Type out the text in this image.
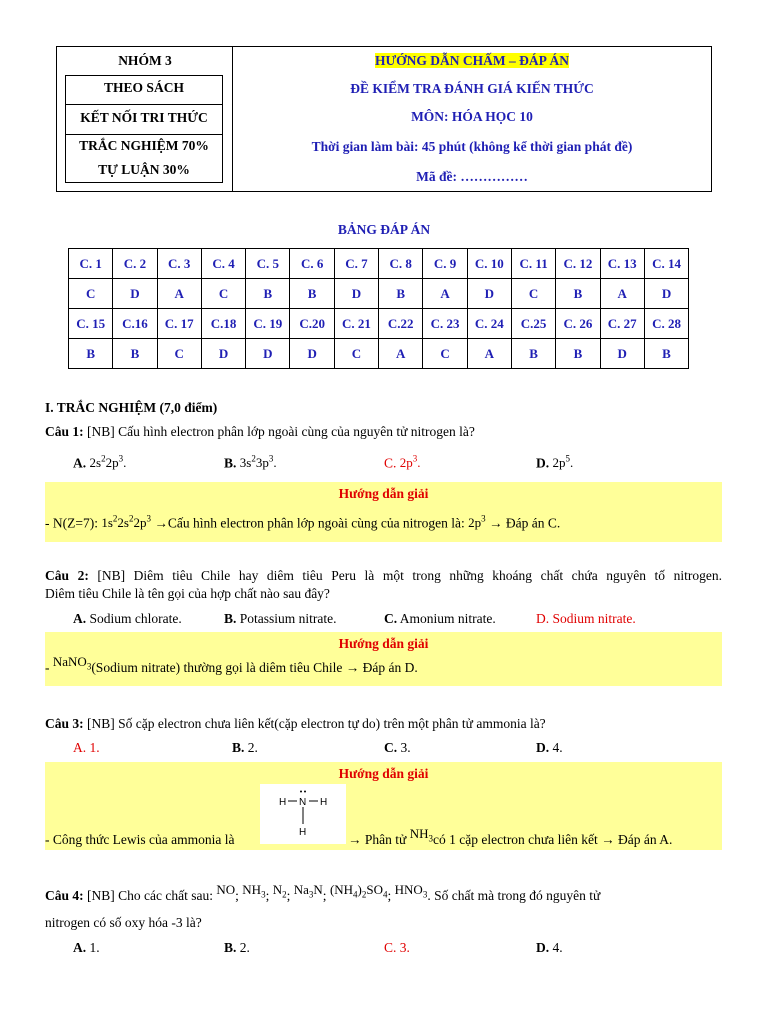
NHÓM 3
THEO SÁCH
KẾT NỐI TRI THỨC
TRẮC NGHIỆM 70%
TỰ LUẬN 30%
HƯỚNG DẪN CHẤM – ĐÁP ÁN
ĐỀ KIỂM TRA ĐÁNH GIÁ KIẾN THỨC
MÔN: HÓA HỌC 10
Thời gian làm bài: 45 phút (không kể thời gian phát đề)
Mã đề: ……………
BẢNG ĐÁP ÁN
C. 1	C. 2	C. 3	C. 4	C. 5	C. 6	C. 7	C. 8	C. 9	C. 10	C. 11	C. 12	C. 13	C. 14
C	D	A	C	B	B	D	B	A	D	C	B	A	D
C. 15	C.16	C. 17	C.18	C. 19	C.20	C. 21	C.22	C. 23	C. 24	C.25	C. 26	C. 27	C. 28
B	B	C	D	D	D	C	A	C	A	B	B	D	B
I. TRẮC NGHIỆM (7,0 điểm)
Câu 1: [NB] Cấu hình electron phân lớp ngoài cùng của nguyên tử nitrogen là?
A. $2s^22p^3$.	B. $3s^23p^3$.	C. $2p^3$.	D. $2p^5$.
Hướng dẫn giải
- N(Z=7): $1s^22s^22p^3$ →Cấu hình electron phân lớp ngoài cùng của nitrogen là: $2p^3$ → Đáp án C.
Câu 2: [NB] Diêm tiêu Chile hay diêm tiêu Peru là một trong những khoáng chất chứa nguyên tố nitrogen.
Diêm tiêu Chile là tên gọi của hợp chất nào sau đây?
A. Sodium chlorate.	B. Potassium nitrate.	C. Amonium nitrate.	D. Sodium nitrate.
Hướng dẫn giải
- NaNO$_3$(Sodium nitrate) thường gọi là diêm tiêu Chile → Đáp án D.
Câu 3: [NB] Số cặp electron chưa liên kết(cặp electron tự do) trên một phân tử ammonia là?
A. 1.	B. 2.	C. 3.	D. 4.
Hướng dẫn giải
H N H
H
- Công thức Lewis của ammonia là	→ Phân tử $NH_3có$ 1 cặp electron chưa liên kết → Đáp án A.
Câu 4: [NB] Cho các chất sau: NO; $NH_3$; $N_2$; $Na_3N$; $(NH_4)_2SO_4$; $HNO_3$. Số chất mà trong đó nguyên tử
nitrogen có số oxy hóa -3 là?
A. 1.	B. 2.	C. 3.	D. 4.
